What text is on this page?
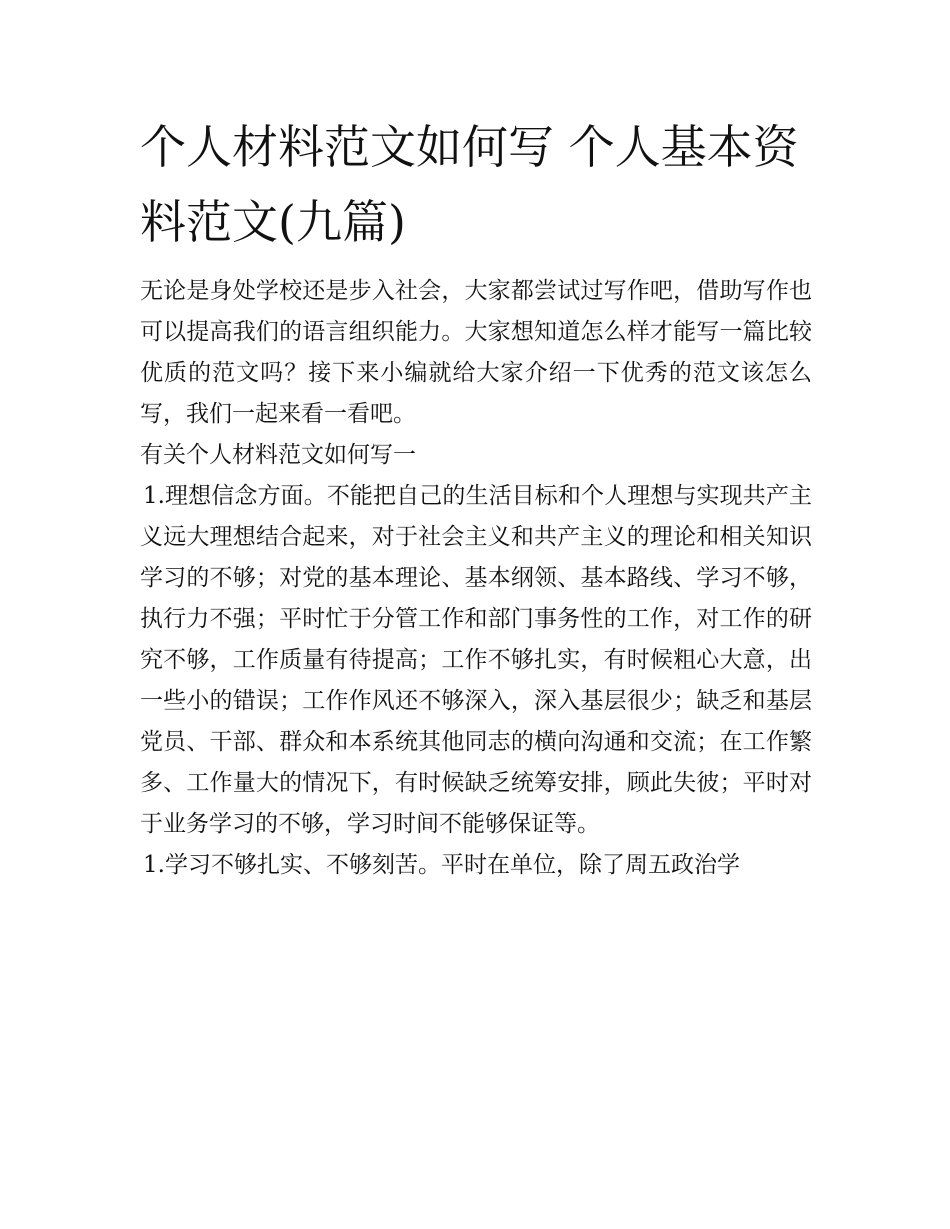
个人材料范文如何写 个人基本资料范文(九篇)

无论是身处学校还是步入社会，大家都尝试过写作吧，借助写作也可以提高我们的语言组织能力。大家想知道怎么样才能写一篇比较优质的范文吗？接下来小编就给大家介绍一下优秀的范文该怎么写，我们一起来看一看吧。

有关个人材料范文如何写一

1.理想信念方面。不能把自己的生活目标和个人理想与实现共产主义远大理想结合起来，对于社会主义和共产主义的理论和相关知识学习的不够；对党的基本理论、基本纲领、基本路线、学习不够，执行力不强；平时忙于分管工作和部门事务性的工作，对工作的研究不够，工作质量有待提高；工作不够扎实，有时候粗心大意，出一些小的错误；工作作风还不够深入，深入基层很少；缺乏和基层党员、干部、群众和本系统其他同志的横向沟通和交流；在工作繁多、工作量大的情况下，有时候缺乏统筹安排，顾此失彼；平时对于业务学习的不够，学习时间不能够保证等。

1.学习不够扎实、不够刻苦。平时在单位，除了周五政治学
